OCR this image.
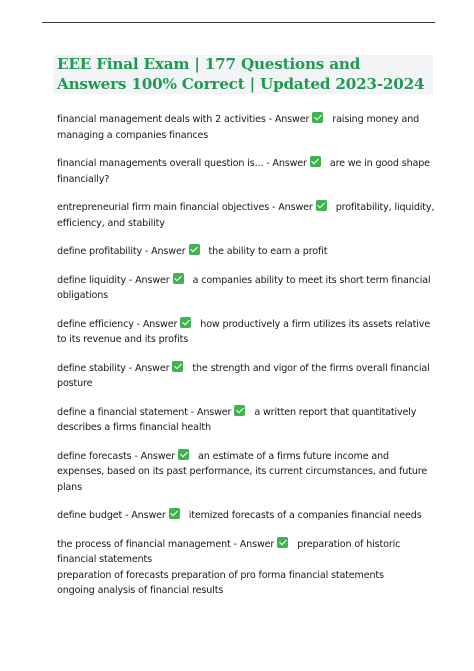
EEE Final Exam | 177 Questions and Answers 100% Correct | Updated 2023-2024

financial management deals with 2 activities - Answer raising money and managing a companies finances

financial managements overall question is... - Answer are we in good shape financially?

entrepreneurial firm main financial objectives - Answer profitability, liquidity, efficiency, and stability

define profitability - Answer the ability to earn a profit

define liquidity - Answer a companies ability to meet its short term financial obligations

define efficiency - Answer how productively a firm utilizes its assets relative to its revenue and its profits

define stability - Answer the strength and vigor of the firms overall financial posture

define a financial statement - Answer a written report that quantitatively describes a firms financial health

define forecasts - Answer an estimate of a firms future income and expenses, based on its past performance, its current circumstances, and future plans

define budget - Answer itemized forecasts of a companies financial needs

the process of financial management - Answer preparation of historic financial statements
preparation of forecasts preparation of pro forma financial statements
ongoing analysis of financial results
